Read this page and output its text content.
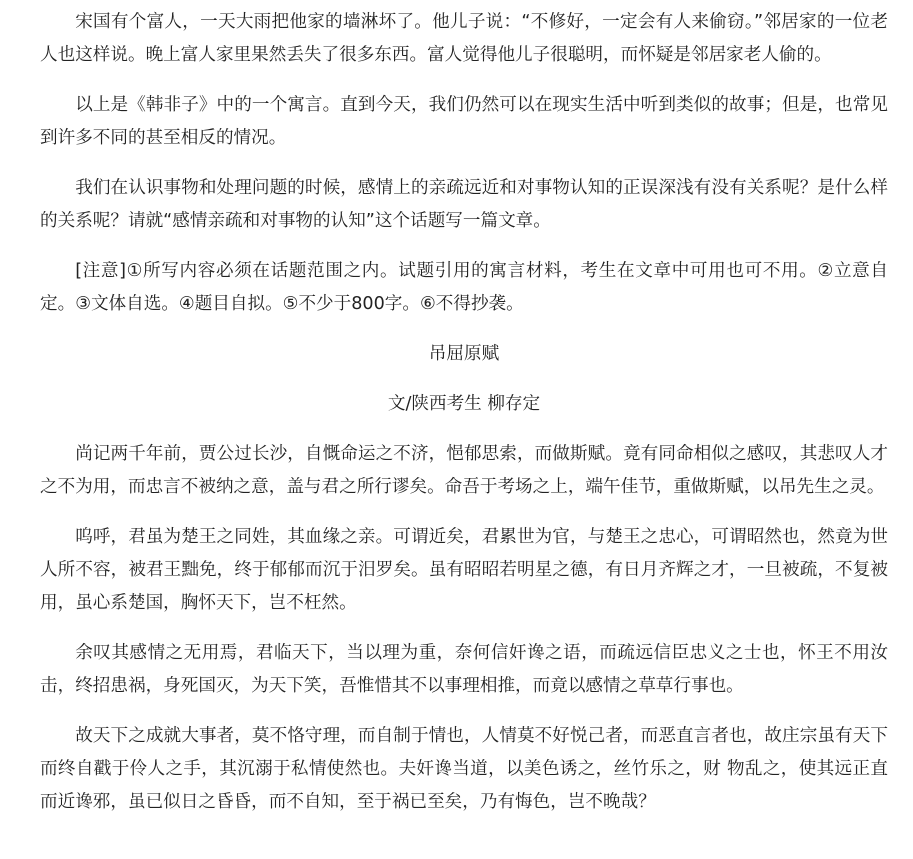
宋国有个富人，一天大雨把他家的墙淋坏了。他儿子说：“不修好，一定会有人来偷窃。”邻居家的一位老人也这样说。晚上富人家里果然丢失了很多东西。富人觉得他儿子很聪明，而怀疑是邻居家老人偷的。

以上是《韩非子》中的一个寓言。直到今天，我们仍然可以在现实生活中听到类似的故事；但是，也常见到许多不同的甚至相反的情况。

我们在认识事物和处理问题的时候，感情上的亲疏远近和对事物认知的正误深浅有没有关系呢？是什么样的关系呢？请就“感情亲疏和对事物的认知”这个话题写一篇文章。

[注意]①所写内容必须在话题范围之内。试题引用的寓言材料，考生在文章中可用也可不用。②立意自定。③文体自选。④题目自拟。⑤不少于800字。⑥不得抄袭。

吊屈原赋

文/陕西考生 柳存定

尚记两千年前，贾公过长沙，自慨命运之不济，悒郁思索，而做斯赋。竟有同命相似之感叹，其悲叹人才之不为用，而忠言不被纳之意，盖与君之所行谬矣。命吾于考场之上，端午佳节，重做斯赋，以吊先生之灵。

呜呼，君虽为楚王之同姓，其血缘之亲。可谓近矣，君累世为官，与楚王之忠心，可谓昭然也，然竟为世人所不容，被君王黜免，终于郁郁而沉于汨罗矣。虽有昭昭若明星之德，有日月齐辉之才，一旦被疏，不复被用，虽心系楚国，胸怀天下，岂不枉然。

余叹其感情之无用焉，君临天下，当以理为重，奈何信奸谗之语，而疏远信臣忠义之士也，怀王不用汝击，终招患祸，身死国灭，为天下笑，吾惟惜其不以事理相推，而竟以感情之草草行事也。

故天下之成就大事者，莫不恪守理，而自制于情也，人情莫不好悦己者，而恶直言者也，故庄宗虽有天下而终自戳于伶人之手，其沉溺于私情使然也。夫奸谗当道，以美色诱之，丝竹乐之，财 物乱之，使其远正直而近谗邪，虽已似日之昏昏，而不自知，至于祸已至矣，乃有悔色，岂不晚哉？
